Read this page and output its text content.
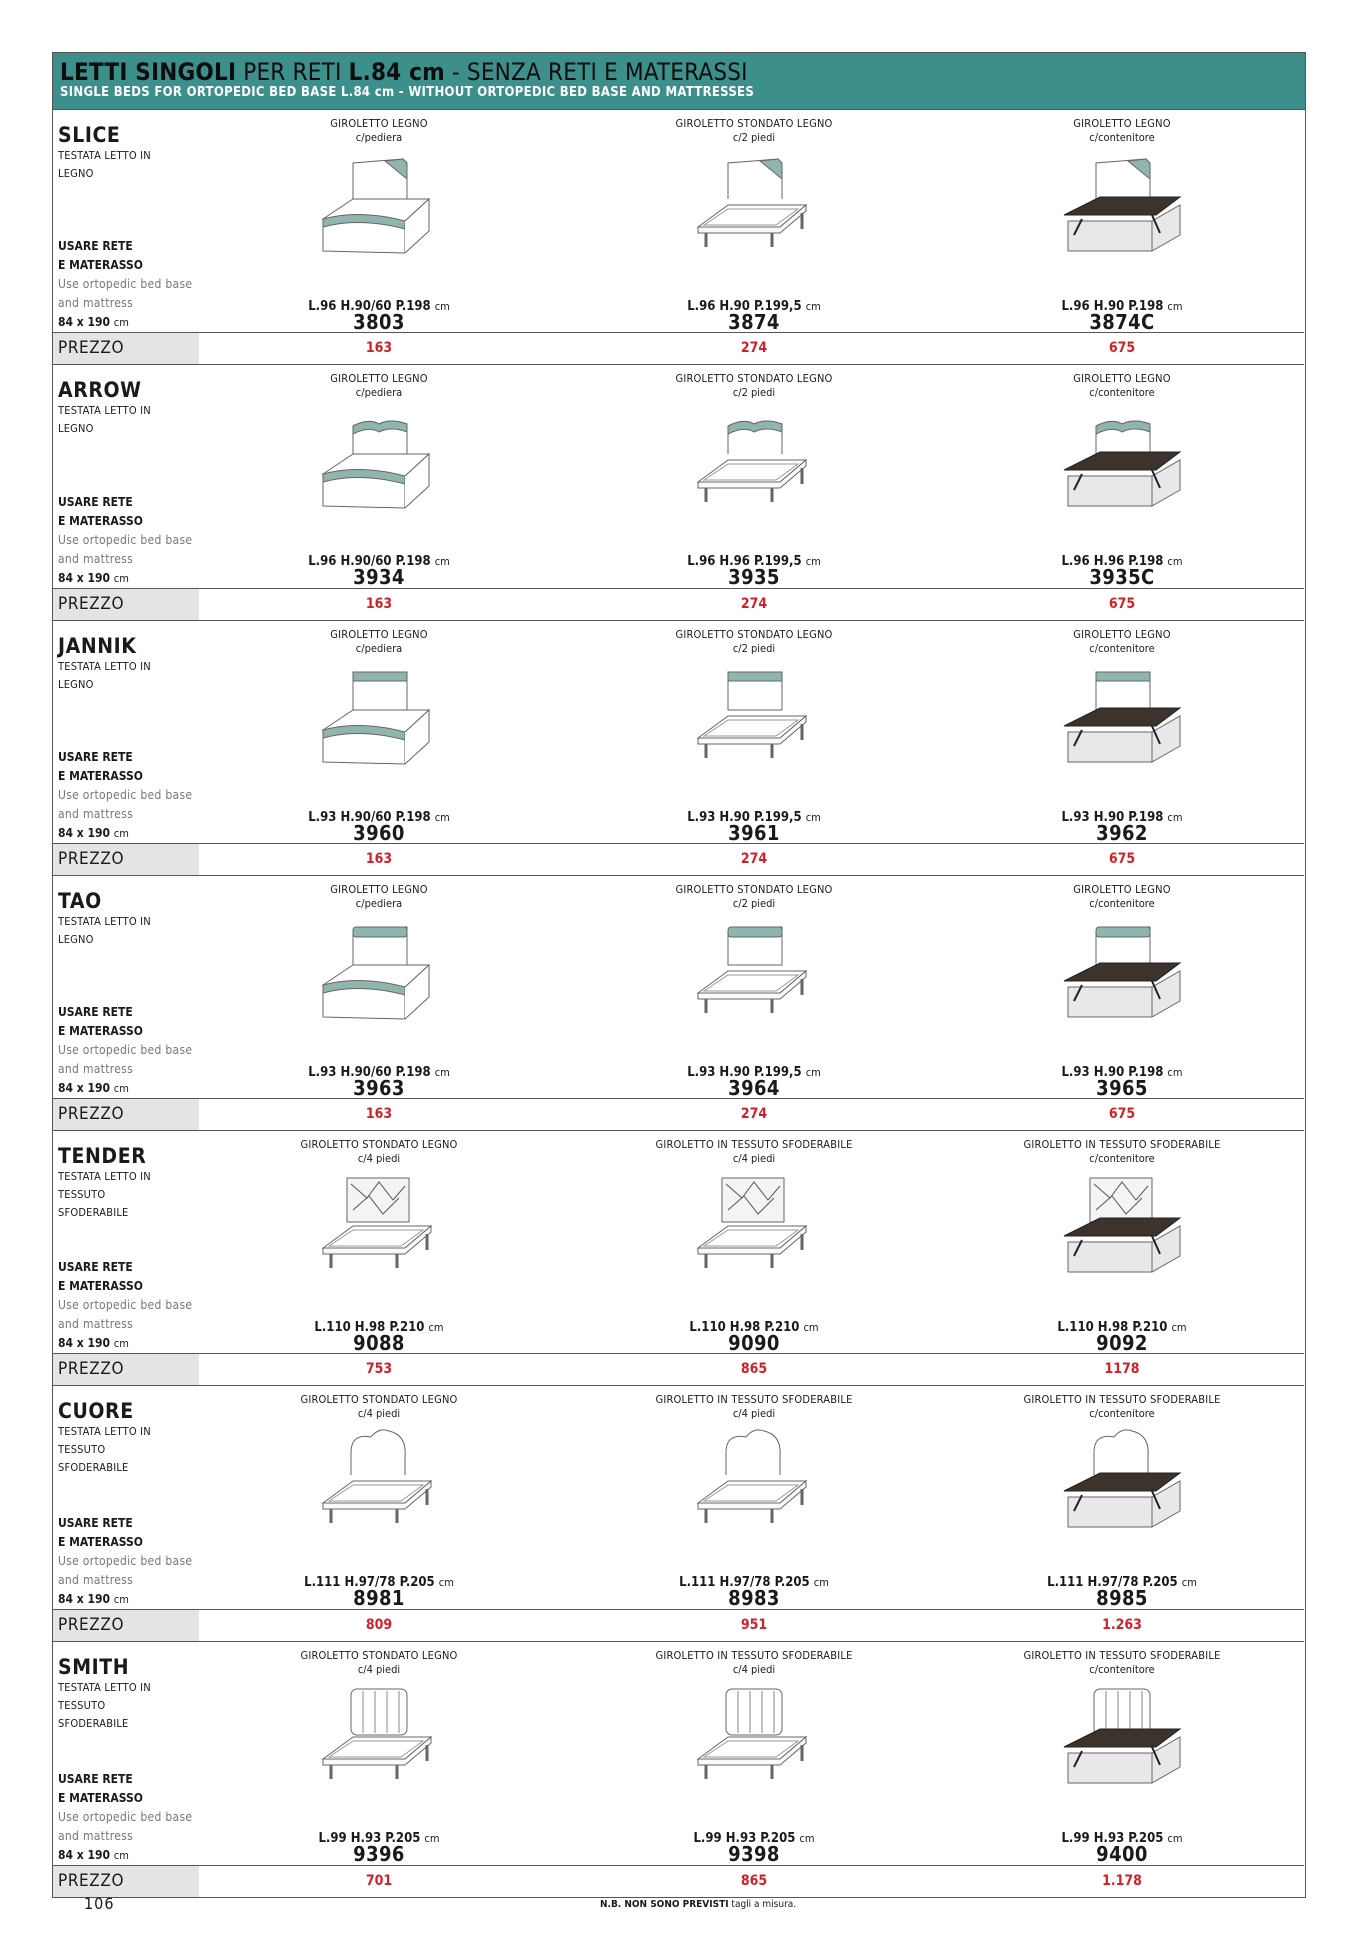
LETTI SINGOLI PER RETI L.84 cm - SENZA RETI E MATERASSI
SINGLE BEDS FOR ORTOPEDIC BED BASE L.84 cm - WITHOUT ORTOPEDIC BED BASE AND MATTRESSES
SLICE
TESTATA LETTO IN LEGNO
USARE RETE
E MATERASSO
Use ortopedic bed base
and mattress
84 x 190 cm
GIROLETTO LEGNO
c/pediera
L.96 H.90/60 P.198 cm
3803
GIROLETTO STONDATO LEGNO
c/2 piedi
L.96 H.90 P.199,5 cm
3874
GIROLETTO LEGNO
c/contenitore
L.96 H.90 P.198 cm
3874C
PREZZO	163	274	675
ARROW
TESTATA LETTO IN LEGNO
USARE RETE
E MATERASSO
Use ortopedic bed base
and mattress
84 x 190 cm
GIROLETTO LEGNO
c/pediera
L.96 H.90/60 P.198 cm
3934
GIROLETTO STONDATO LEGNO
c/2 piedi
L.96 H.96 P.199,5 cm
3935
GIROLETTO LEGNO
c/contenitore
L.96 H.96 P.198 cm
3935C
PREZZO	163	274	675
JANNIK
TESTATA LETTO IN LEGNO
USARE RETE
E MATERASSO
Use ortopedic bed base
and mattress
84 x 190 cm
GIROLETTO LEGNO
c/pediera
L.93 H.90/60 P.198 cm
3960
GIROLETTO STONDATO LEGNO
c/2 piedi
L.93 H.90 P.199,5 cm
3961
GIROLETTO LEGNO
c/contenitore
L.93 H.90 P.198 cm
3962
PREZZO	163	274	675
TAO
TESTATA LETTO IN LEGNO
USARE RETE
E MATERASSO
Use ortopedic bed base
and mattress
84 x 190 cm
GIROLETTO LEGNO
c/pediera
L.93 H.90/60 P.198 cm
3963
GIROLETTO STONDATO LEGNO
c/2 piedi
L.93 H.90 P.199,5 cm
3964
GIROLETTO LEGNO
c/contenitore
L.93 H.90 P.198 cm
3965
PREZZO	163	274	675
TENDER
TESTATA LETTO IN TESSUTO SFODERABILE
USARE RETE
E MATERASSO
Use ortopedic bed base
and mattress
84 x 190 cm
GIROLETTO STONDATO LEGNO
c/4 piedi
L.110 H.98 P.210 cm
9088
GIROLETTO IN TESSUTO SFODERABILE
c/4 piedi
L.110 H.98 P.210 cm
9090
GIROLETTO IN TESSUTO SFODERABILE
c/contenitore
L.110 H.98 P.210 cm
9092
PREZZO	753	865	1178
CUORE
TESTATA LETTO IN TESSUTO SFODERABILE
USARE RETE
E MATERASSO
Use ortopedic bed base
and mattress
84 x 190 cm
GIROLETTO STONDATO LEGNO
c/4 piedi
L.111 H.97/78 P.205 cm
8981
GIROLETTO IN TESSUTO SFODERABILE
c/4 piedi
L.111 H.97/78 P.205 cm
8983
GIROLETTO IN TESSUTO SFODERABILE
c/contenitore
L.111 H.97/78 P.205 cm
8985
PREZZO	809	951	1.263
SMITH
TESTATA LETTO IN TESSUTO SFODERABILE
USARE RETE
E MATERASSO
Use ortopedic bed base
and mattress
84 x 190 cm
GIROLETTO STONDATO LEGNO
c/4 piedi
L.99 H.93 P.205 cm
9396
GIROLETTO IN TESSUTO SFODERABILE
c/4 piedi
L.99 H.93 P.205 cm
9398
GIROLETTO IN TESSUTO SFODERABILE
c/contenitore
L.99 H.93 P.205 cm
9400
PREZZO	701	865	1.178
106	N.B. NON SONO PREVISTI tagli a misura.
